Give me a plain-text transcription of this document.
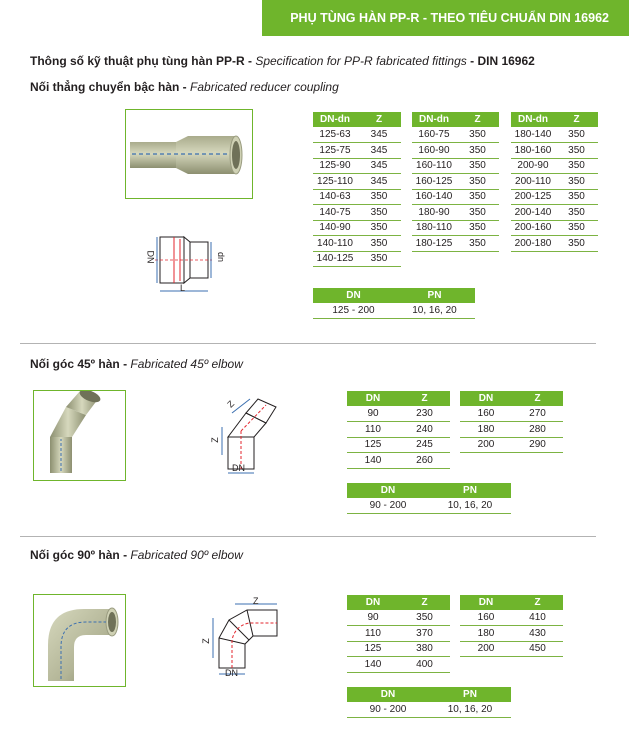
PHỤ TÙNG HÀN PP-R - THEO TIÊU CHUẨN DIN 16962
Thông số kỹ thuật phụ tùng hàn PP-R - Specification for PP-R fabricated fittings - DIN 16962
Nối thẳng chuyển bậc hàn - Fabricated reducer coupling
DN	dn
L
DN-dn	Z
125-63	345
125-75	345
125-90	345
125-110	345
140-63	350
140-75	350
140-90	350
140-110	350
140-125	350
DN-dn	Z
160-75	350
160-90	350
160-110	350
160-125	350
160-140	350
180-90	350
180-110	350
180-125	350
DN-dn	Z
180-140	350
180-160	350
200-90	350
200-110	350
200-125	350
200-140	350
200-160	350
200-180	350
DN	PN
125 - 200	10, 16, 20
Nối góc 45º hàn - Fabricated 45º elbow
Z
Z
DN
DN	Z
90	230
110	240
125	245
140	260
DN	Z
160	270
180	280
200	290
DN	PN
90 - 200	10, 16, 20
Nối góc 90º hàn - Fabricated 90º elbow
Z
Z
DN
DN	Z
90	350
110	370
125	380
140	400
DN	Z
160	410
180	430
200	450
DN	PN
90 - 200	10, 16, 20
